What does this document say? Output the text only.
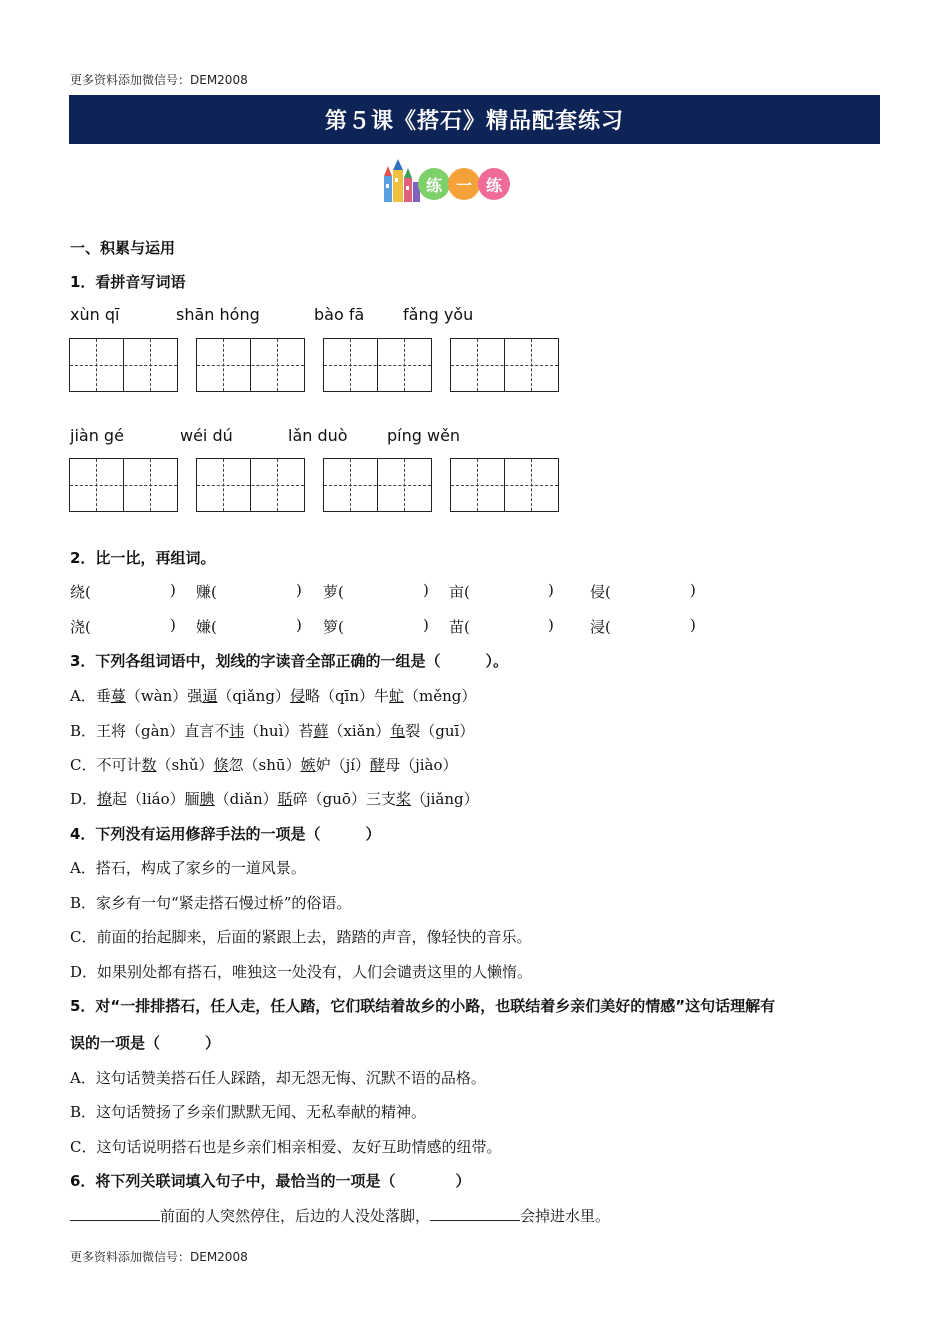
更多资料添加微信号：DEM2008
第５课《搭石》精品配套练习
练 一 练
一、积累与运用
1．看拼音写词语
xùn qī	shān hóng	bào fā fǎng yǒu
jiàn gé	wéi dú	lǎn duò píng wěn
2．比一比，再组词。
绕(	) 赚(	) 萝(	) 亩(	) 侵(	)
浇(	) 嫌(	) 箩(	) 苗(	) 浸(	)
3．下列各组词语中，划线的字读音全部正确的一组是（　　　）。
A．垂蔓（wàn）强逼（qiǎng）侵略（qīn）牛虻（měng）
B．王将（gàn）直言不讳（huì）苔藓（xiǎn）龟裂（guī）
C．不可计数（shǔ）倏忽（shū）嫉妒（jí）酵母（jiào）
D．撩起（liáo）腼腆（diǎn）聒碎（guō）三支桨（jiǎng）
4．下列没有运用修辞手法的一项是（　　　）
A．搭石，构成了家乡的一道风景。
B．家乡有一句“紧走搭石慢过桥”的俗语。
C．前面的抬起脚来，后面的紧跟上去，踏踏的声音，像轻快的音乐。
D．如果别处都有搭石，唯独这一处没有，人们会谴责这里的人懒惰。
5．对“一排排搭石，任人走，任人踏，它们联结着故乡的小路，也联结着乡亲们美好的情感”这句话理解有
误的一项是（　　　）
A．这句话赞美搭石任人踩踏，却无怨无悔、沉默不语的品格。
B．这句话赞扬了乡亲们默默无闻、无私奉献的精神。
C．这句话说明搭石也是乡亲们相亲相爱、友好互助情感的纽带。
6．将下列关联词填入句子中，最恰当的一项是（　　　　）
前面的人突然停住，后边的人没处落脚，	会掉进水里。
更多资料添加微信号：DEM2008
